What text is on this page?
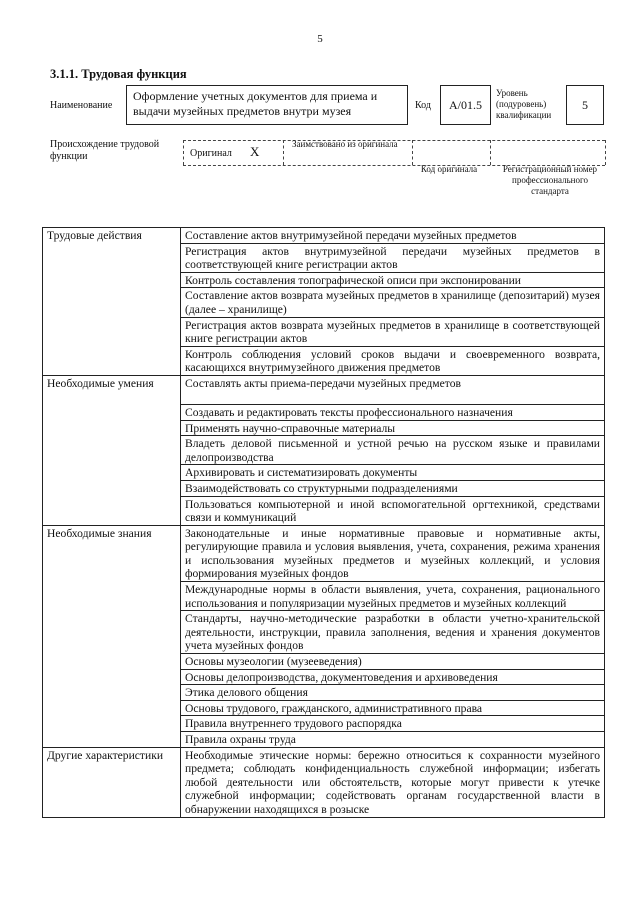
5
3.1.1. Трудовая функция
Наименование
Оформление учетных документов для приема и выдачи музейных предметов внутри музея	Код	А/01.5
Уровень (подуровень) квалификации
5
Происхождение трудовой функции	Оригинал X	Заимствовано из оригинала
Код оригинала	Регистрационный номер профессионального стандарта
Трудовые действия	Составление актов внутримузейной передачи музейных предметов
	Регистрация актов внутримузейной передачи музейных предметов в соответствующей книге регистрации актов
	Контроль составления топографической описи при экспонировании
	Составление актов возврата музейных предметов в хранилище (депозитарий) музея (далее – хранилище)
	Регистрация актов возврата музейных предметов в хранилище в соответствующей книге регистрации актов
	Контроль соблюдения условий сроков выдачи и своевременного возврата, касающихся внутримузейного движения предметов
Необходимые умения	Составлять акты приема-передачи музейных предметов
	Создавать и редактировать тексты профессионального назначения
	Применять научно-справочные материалы
	Владеть деловой письменной и устной речью на русском языке и правилами делопроизводства
	Архивировать и систематизировать документы
	Взаимодействовать со структурными подразделениями
	Пользоваться компьютерной и иной вспомогательной оргтехникой, средствами связи и коммуникаций
Необходимые знания	Законодательные и иные нормативные правовые и нормативные акты, регулирующие правила и условия выявления, учета, сохранения, режима хранения и использования музейных предметов и музейных коллекций, и условия формирования музейных фондов
	Международные нормы в области выявления, учета, сохранения, рационального использования и популяризации музейных предметов и музейных коллекций
	Стандарты, научно-методические разработки в области учетно-хранительской деятельности, инструкции, правила заполнения, ведения и хранения документов учета музейных фондов
	Основы музеологии (музееведения)
	Основы делопроизводства, документоведения и архивоведения
	Этика делового общения
	Основы трудового, гражданского, административного права
	Правила внутреннего трудового распорядка
	Правила охраны труда
Другие характеристики	Необходимые этические нормы: бережно относиться к сохранности музейного предмета; соблюдать конфиденциальность служебной информации; избегать любой деятельности или обстоятельств, которые могут привести к утечке служебной информации; содействовать органам государственной власти в обнаружении находящихся в розыске
